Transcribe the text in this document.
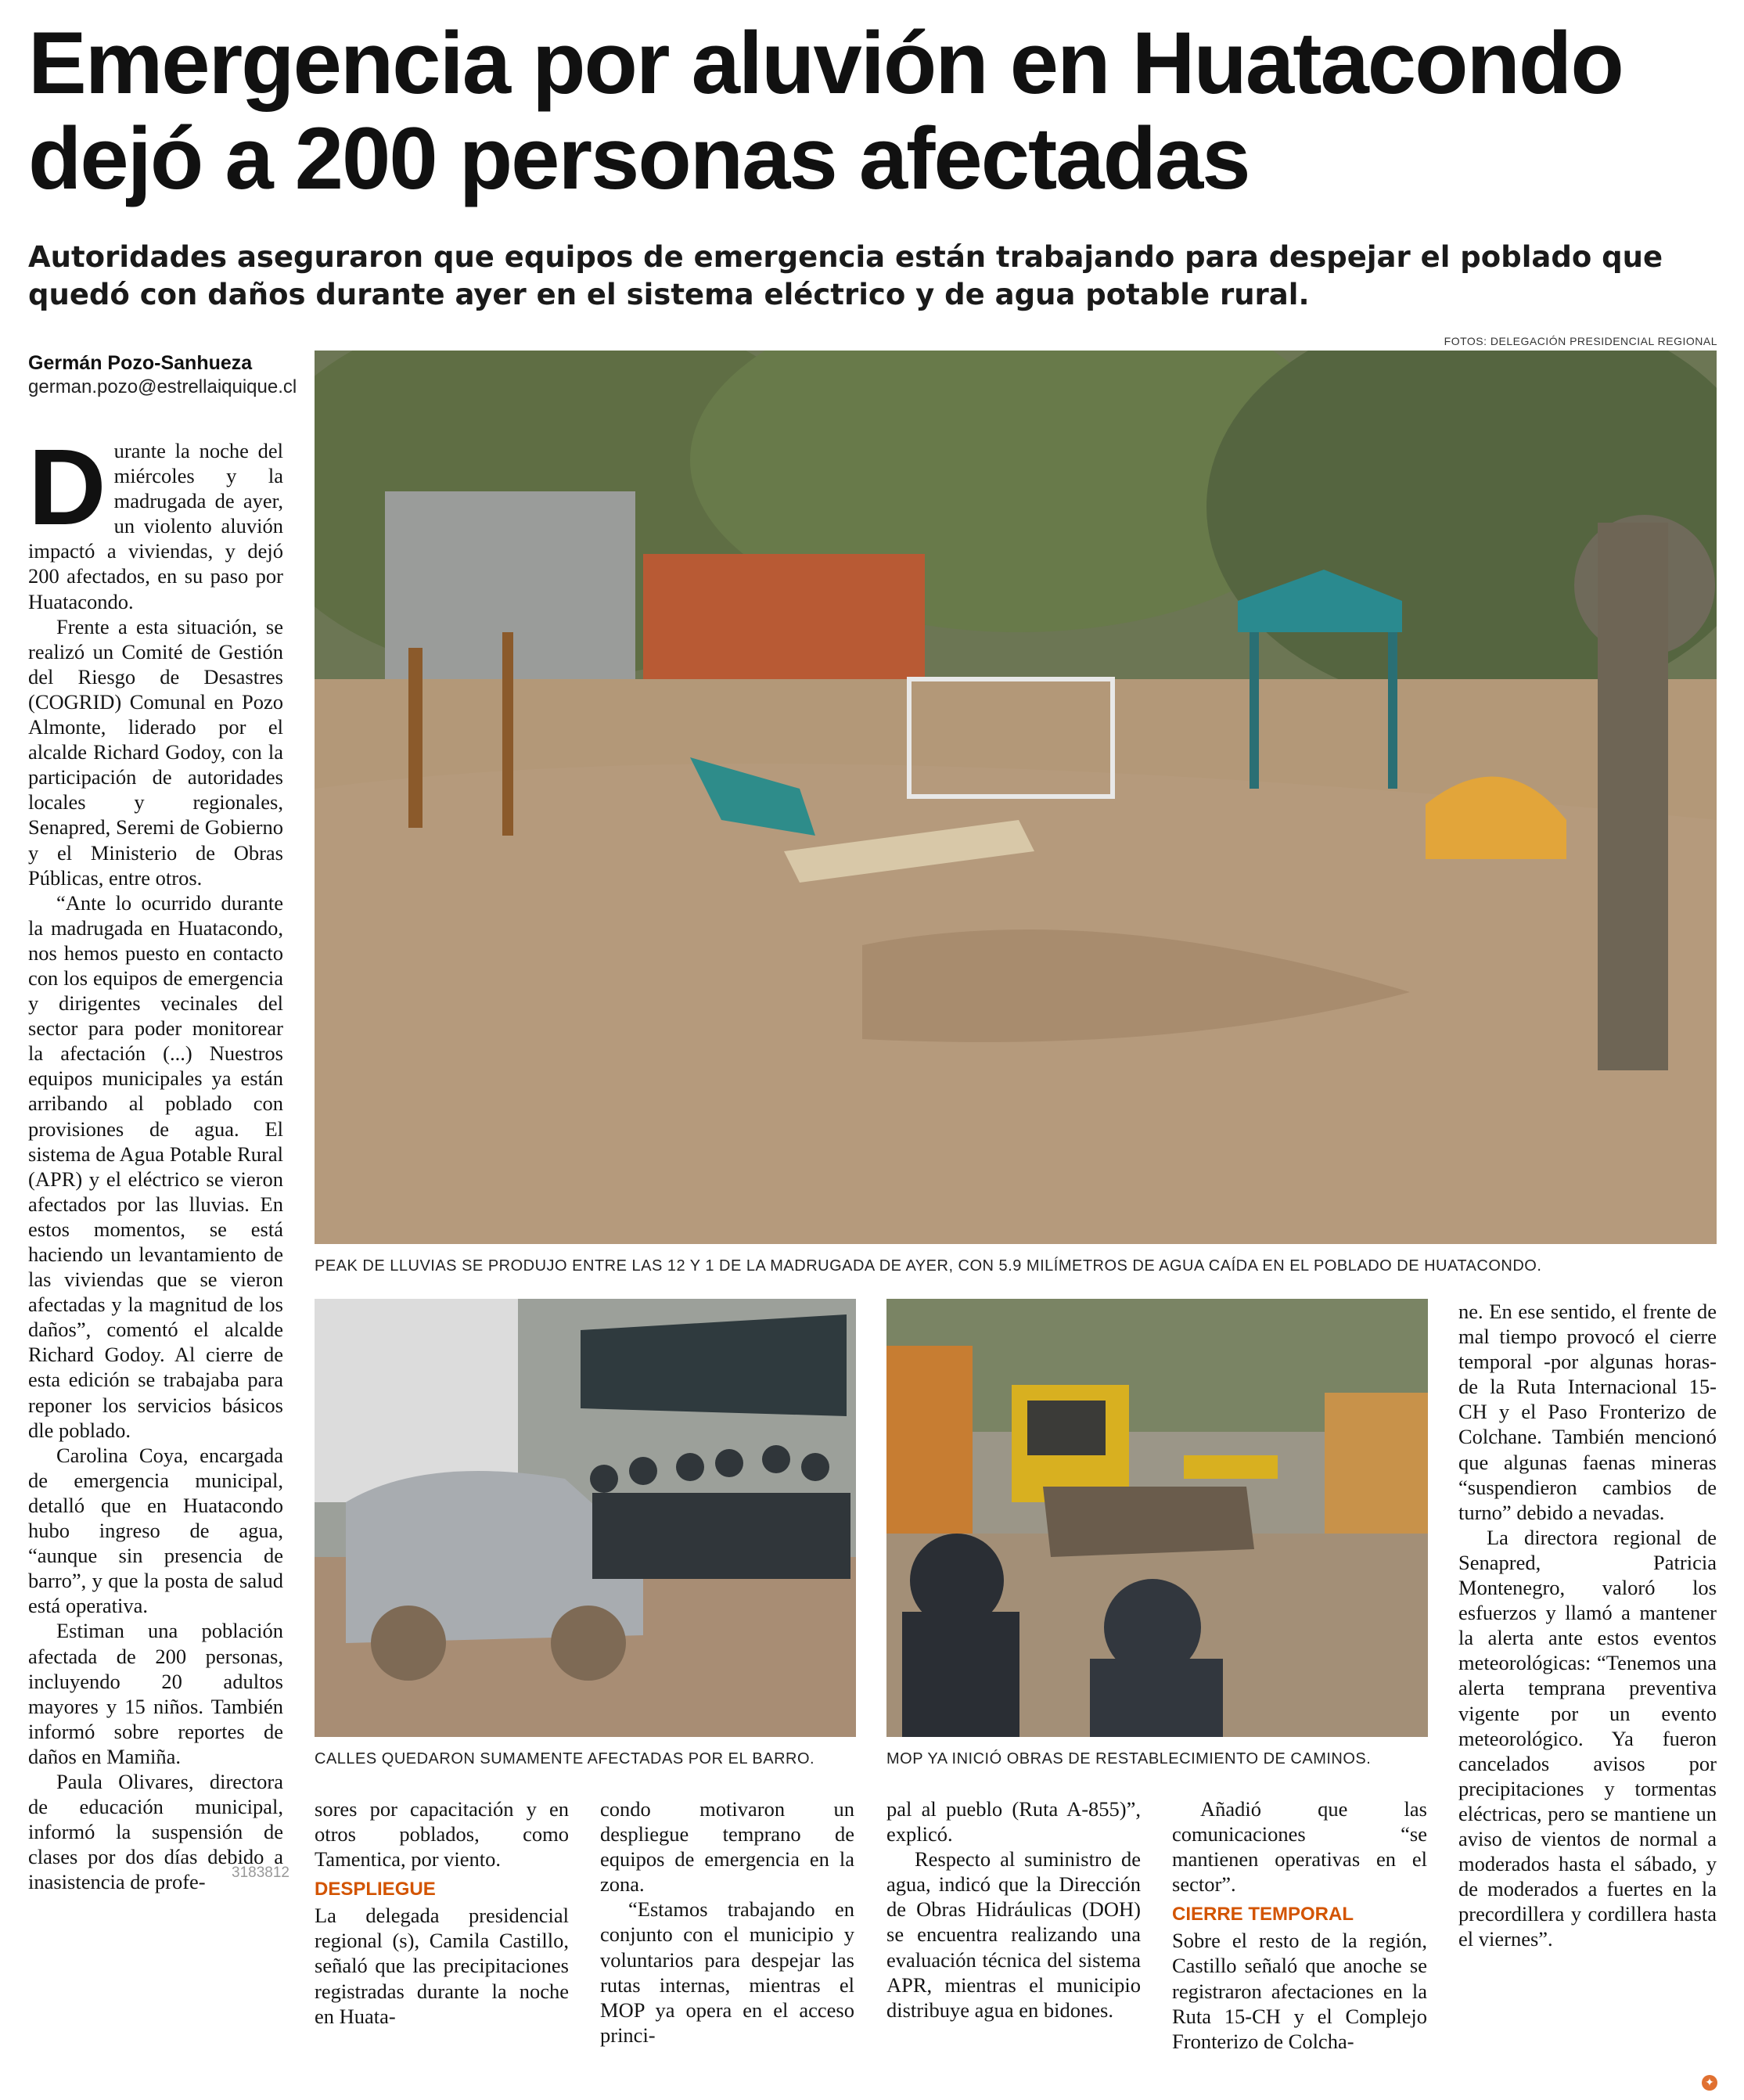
Emergencia por aluvión en Huatacondo dejó a 200 personas afectadas

Autoridades aseguraron que equipos de emergencia están trabajando para despejar el poblado que quedó con daños durante ayer en el sistema eléctrico y de agua potable rural.

Germán Pozo-Sanhueza
german.pozo@estrellaiquique.cl
FOTOS: DELEGACIÓN PRESIDENCIAL REGIONAL
PEAK DE LLUVIAS SE PRODUJO ENTRE LAS 12 Y 1 DE LA MADRUGADA DE AYER, CON 5.9 MILÍMETROS DE AGUA CAÍDA EN EL POBLADO DE HUATACONDO.
CALLES QUEDARON SUMAMENTE AFECTADAS POR EL BARRO.	MOP YA INICIÓ OBRAS DE RESTABLECIMIENTO DE CAMINOS.

Durante la noche del miércoles y la madrugada de ayer, un violento aluvión impactó a viviendas, y dejó 200 afectados, en su paso por Huatacondo.

Frente a esta situación, se realizó un Comité de Gestión del Riesgo de Desastres (COGRID) Comunal en Pozo Almonte, liderado por el alcalde Richard Godoy, con la participación de autoridades locales y regionales, Senapred, Seremi de Gobierno y el Ministerio de Obras Públicas, entre otros.

“Ante lo ocurrido durante la madrugada en Huatacondo, nos hemos puesto en contacto con los equipos de emergencia y dirigentes vecinales del sector para poder monitorear la afectación (...) Nuestros equipos municipales ya están arribando al poblado con provisiones de agua. El sistema de Agua Potable Rural (APR) y el eléctrico se vieron afectados por las lluvias. En estos momentos, se está haciendo un levantamiento de las viviendas que se vieron afectadas y la magnitud de los daños”, comentó el alcalde Richard Godoy. Al cierre de esta edición se trabajaba para reponer los servicios básicos dle poblado.

Carolina Coya, encargada de emergencia municipal, detalló que en Huatacondo hubo ingreso de agua, “aunque sin presencia de barro”, y que la posta de salud está operativa.

Estiman una población afectada de 200 personas, incluyendo 20 adultos mayores y 15 niños. También informó sobre reportes de daños en Mamiña.

Paula Olivares, directora de educación municipal, informó la suspensión de clases por dos días debido a inasistencia de profe-	3183812

sores por capacitación y en otros poblados, como Tamentica, por viento.

DESPLIEGUE

La delegada presidencial regional (s), Camila Castillo, señaló que las precipitaciones registradas durante la noche en Huata-

condo motivaron un despliegue temprano de equipos de emergencia en la zona.

“Estamos trabajando en conjunto con el municipio y voluntarios para despejar las rutas internas, mientras el MOP ya opera en el acceso princi-

pal al pueblo (Ruta A-855)”, explicó.

Respecto al suministro de agua, indicó que la Dirección de Obras Hidráulicas (DOH) se encuentra realizando una evaluación técnica del sistema APR, mientras el municipio distribuye agua en bidones.

Añadió que las comunicaciones “se mantienen operativas en el sector”.

CIERRE TEMPORAL

Sobre el resto de la región, Castillo señaló que anoche se registraron afectaciones en la Ruta 15-CH y el Complejo Fronterizo de Colcha-

ne. En ese sentido, el frente de mal tiempo provocó el cierre temporal -por algunas horas- de la Ruta Internacional 15-CH y el Paso Fronterizo de Colchane. También mencionó que algunas faenas mineras “suspendieron cambios de turno” debido a nevadas.

La directora regional de Senapred, Patricia Montenegro, valoró los esfuerzos y llamó a mantener la alerta ante estos eventos meteorológicas: “Tenemos una alerta temprana preventiva vigente por un evento meteorológico. Ya fueron cancelados avisos por precipitaciones y tormentas eléctricas, pero se mantiene un aviso de vientos de normal a moderados hasta el sábado, y de moderados a fuertes en la precordillera y cordillera hasta el viernes”.

✦
